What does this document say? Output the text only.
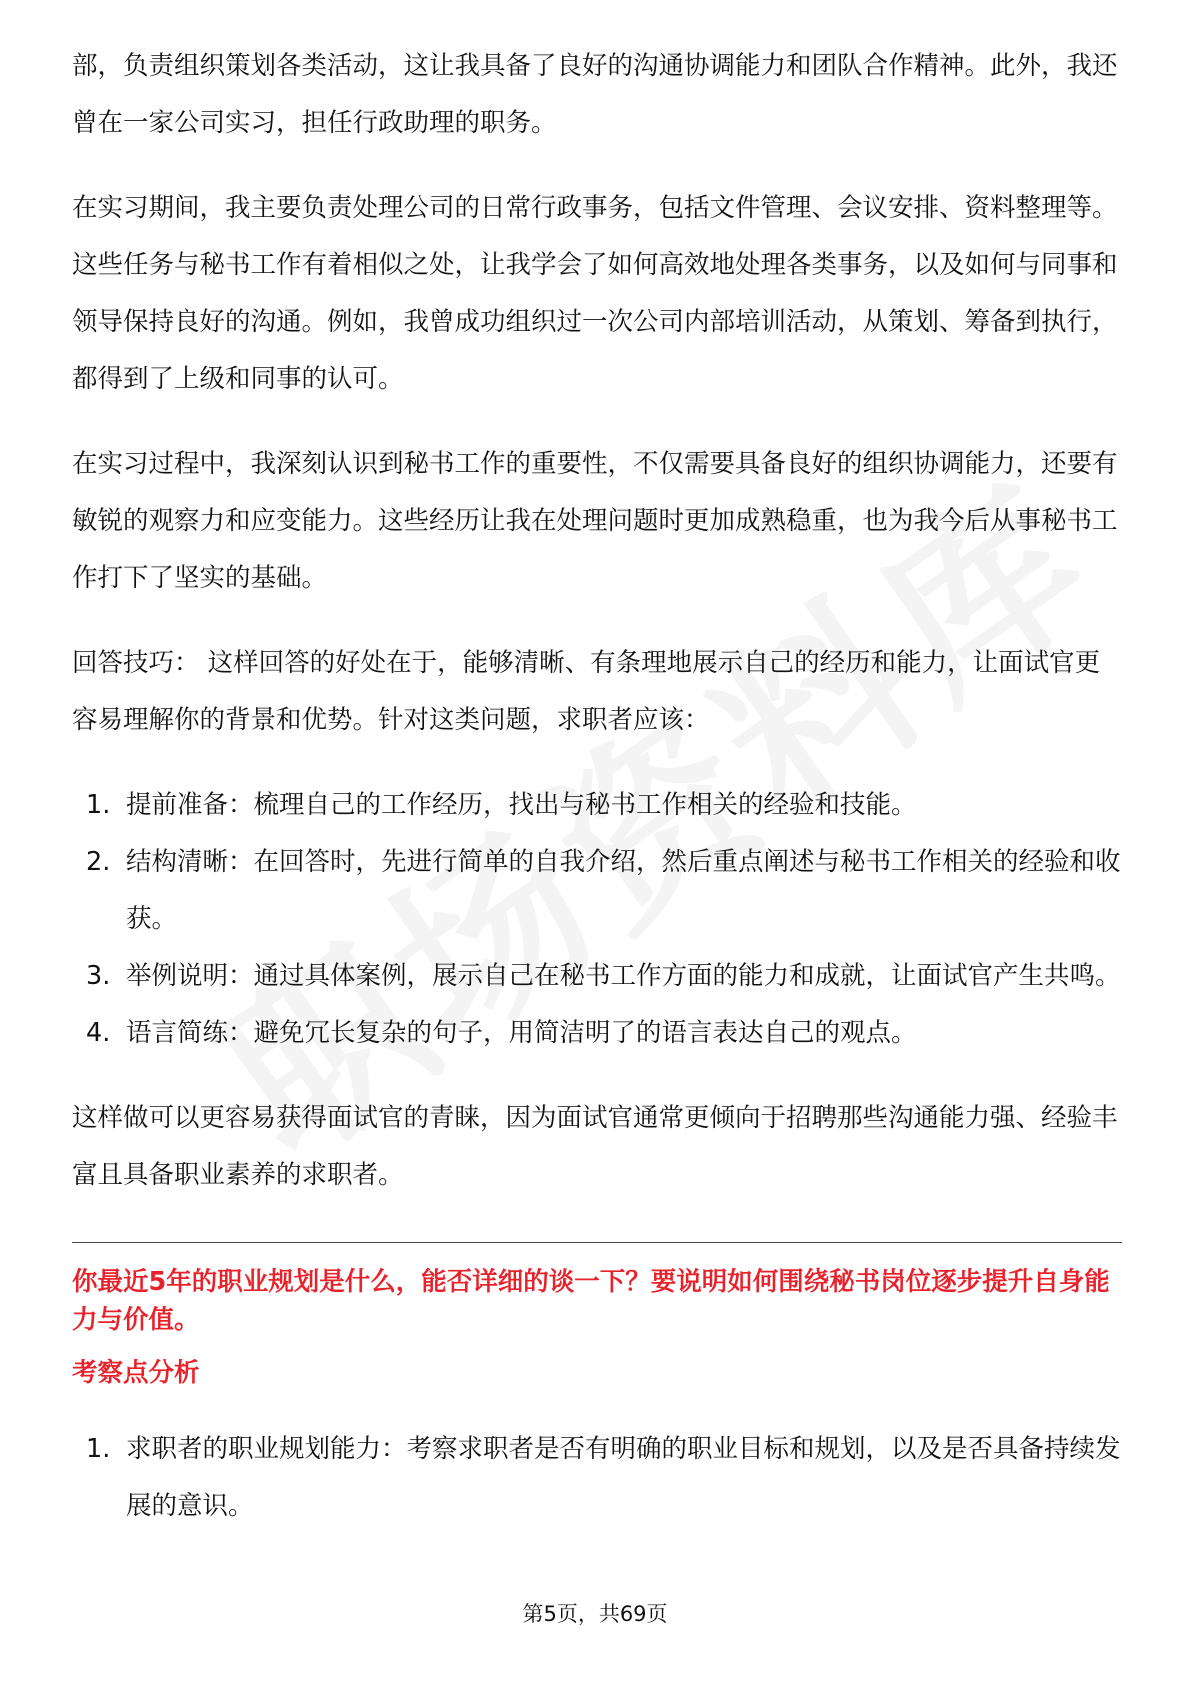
部，负责组织策划各类活动，这让我具备了良好的沟通协调能力和团队合作精神。此外，我还曾在一家公司实习，担任行政助理的职务。

在实习期间，我主要负责处理公司的日常行政事务，包括文件管理、会议安排、资料整理等。这些任务与秘书工作有着相似之处，让我学会了如何高效地处理各类事务，以及如何与同事和领导保持良好的沟通。例如，我曾成功组织过一次公司内部培训活动，从策划、筹备到执行，都得到了上级和同事的认可。

在实习过程中，我深刻认识到秘书工作的重要性，不仅需要具备良好的组织协调能力，还要有敏锐的观察力和应变能力。这些经历让我在处理问题时更加成熟稳重，也为我今后从事秘书工作打下了坚实的基础。

回答技巧： 这样回答的好处在于，能够清晰、有条理地展示自己的经历和能力，让面试官更容易理解你的背景和优势。针对这类问题，求职者应该：

1. 提前准备：梳理自己的工作经历，找出与秘书工作相关的经验和技能。
2. 结构清晰：在回答时，先进行简单的自我介绍，然后重点阐述与秘书工作相关的经验和收获。
3. 举例说明：通过具体案例，展示自己在秘书工作方面的能力和成就，让面试官产生共鸣。
4. 语言简练：避免冗长复杂的句子，用简洁明了的语言表达自己的观点。

这样做可以更容易获得面试官的青睐，因为面试官通常更倾向于招聘那些沟通能力强、经验丰富且具备职业素养的求职者。

你最近5年的职业规划是什么，能否详细的谈一下？要说明如何围绕秘书岗位逐步提升自身能力与价值。

考察点分析

1. 求职者的职业规划能力：考察求职者是否有明确的职业目标和规划，以及是否具备持续发展的意识。
第5页，共69页
